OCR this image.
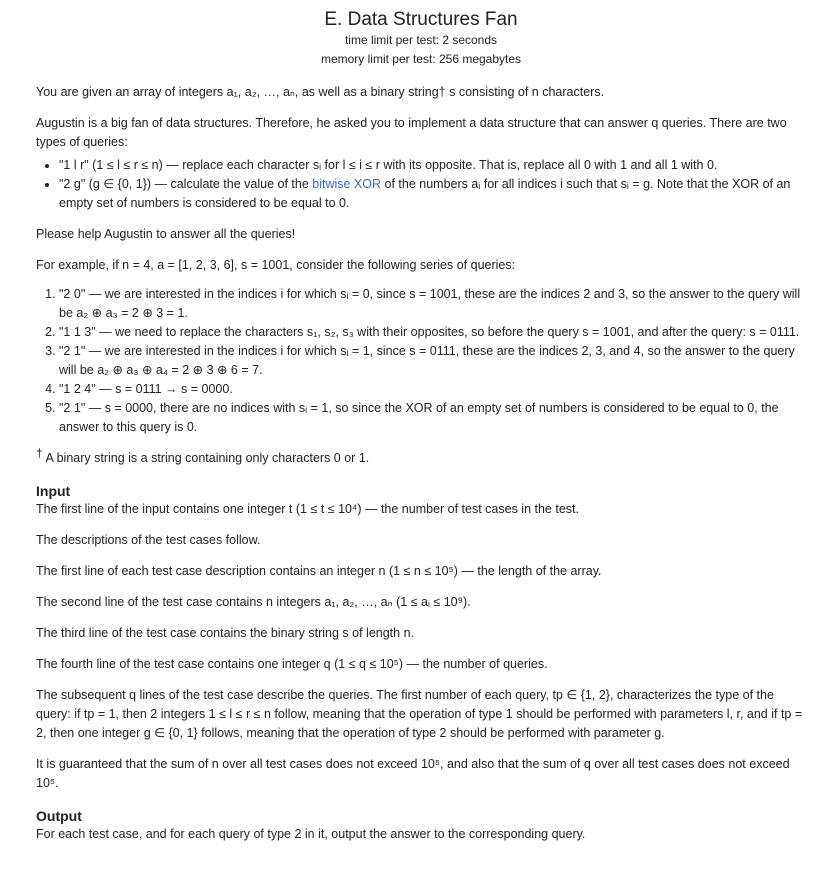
E. Data Structures Fan
time limit per test: 2 seconds
memory limit per test: 256 megabytes

You are given an array of integers a₁, a₂, …, aₙ, as well as a binary string† s consisting of n characters.

Augustin is a big fan of data structures. Therefore, he asked you to implement a data structure that can answer q queries. There are two types of queries:

• "1 l r" (1 ≤ l ≤ r ≤ n) — replace each character sᵢ for l ≤ i ≤ r with its opposite. That is, replace all 0 with 1 and all 1 with 0.
• "2 g" (g ∈ {0, 1}) — calculate the value of the bitwise XOR of the numbers aᵢ for all indices i such that sᵢ = g. Note that the XOR of an empty set of numbers is considered to be equal to 0.

Please help Augustin to answer all the queries!

For example, if n = 4, a = [1, 2, 3, 6], s = 1001, consider the following series of queries:

1. "2 0" — we are interested in the indices i for which sᵢ = 0, since s = 1001, these are the indices 2 and 3, so the answer to the query will be a₂ ⊕ a₃ = 2 ⊕ 3 = 1.
2. "1 1 3" — we need to replace the characters s₁, s₂, s₃ with their opposites, so before the query s = 1001, and after the query: s = 0111.
3. "2 1" — we are interested in the indices i for which sᵢ = 1, since s = 0111, these are the indices 2, 3, and 4, so the answer to the query will be a₂ ⊕ a₃ ⊕ a₄ = 2 ⊕ 3 ⊕ 6 = 7.
4. "1 2 4" — s = 0111 → s = 0000.
5. "2 1" — s = 0000, there are no indices with sᵢ = 1, so since the XOR of an empty set of numbers is considered to be equal to 0, the answer to this query is 0.

† A binary string is a string containing only characters 0 or 1.

Input

The first line of the input contains one integer t (1 ≤ t ≤ 10⁴) — the number of test cases in the test.

The descriptions of the test cases follow.

The first line of each test case description contains an integer n (1 ≤ n ≤ 10⁵) — the length of the array.

The second line of the test case contains n integers a₁, a₂, …, aₙ (1 ≤ aᵢ ≤ 10⁹).

The third line of the test case contains the binary string s of length n.

The fourth line of the test case contains one integer q (1 ≤ q ≤ 10⁵) — the number of queries.

The subsequent q lines of the test case describe the queries. The first number of each query, tp ∈ {1, 2}, characterizes the type of the query: if tp = 1, then 2 integers 1 ≤ l ≤ r ≤ n follow, meaning that the operation of type 1 should be performed with parameters l, r, and if tp = 2, then one integer g ∈ {0, 1} follows, meaning that the operation of type 2 should be performed with parameter g.

It is guaranteed that the sum of n over all test cases does not exceed 10⁵, and also that the sum of q over all test cases does not exceed 10⁵.

Output

For each test case, and for each query of type 2 in it, output the answer to the corresponding query.
